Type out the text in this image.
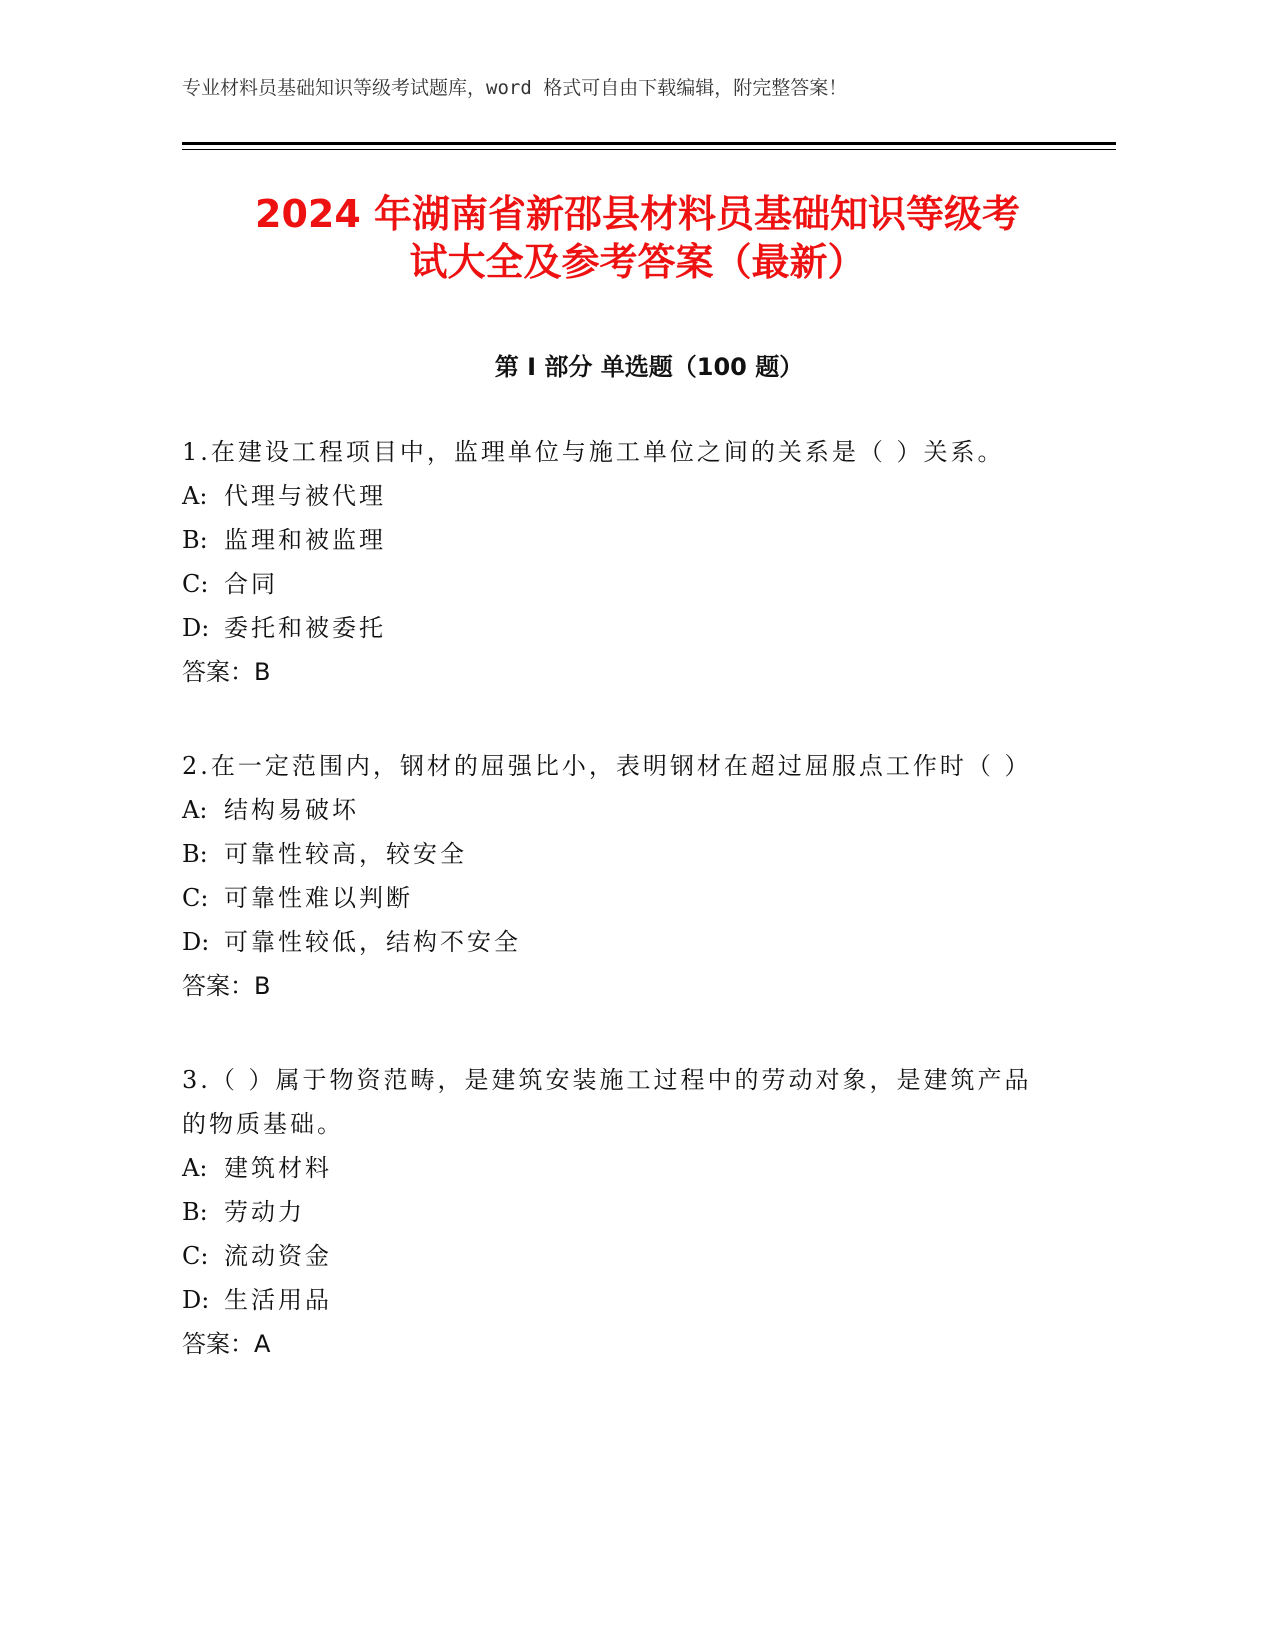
专业材料员基础知识等级考试题库，word 格式可自由下载编辑，附完整答案！
2024 年湖南省新邵县材料员基础知识等级考
试大全及参考答案（最新）
第 I 部分 单选题（100 题）

1.在建设工程项目中，监理单位与施工单位之间的关系是（ ）关系。

A: 代理与被代理

B: 监理和被监理

C: 合同

D: 委托和被委托

答案：B

2.在一定范围内，钢材的屈强比小，表明钢材在超过屈服点工作时（ ）

A: 结构易破坏

B: 可靠性较高，较安全

C: 可靠性难以判断

D: 可靠性较低，结构不安全

答案：B

3.（ ）属于物资范畴，是建筑安装施工过程中的劳动对象，是建筑产品的物质基础。

A: 建筑材料

B: 劳动力

C: 流动资金

D: 生活用品

答案：A
